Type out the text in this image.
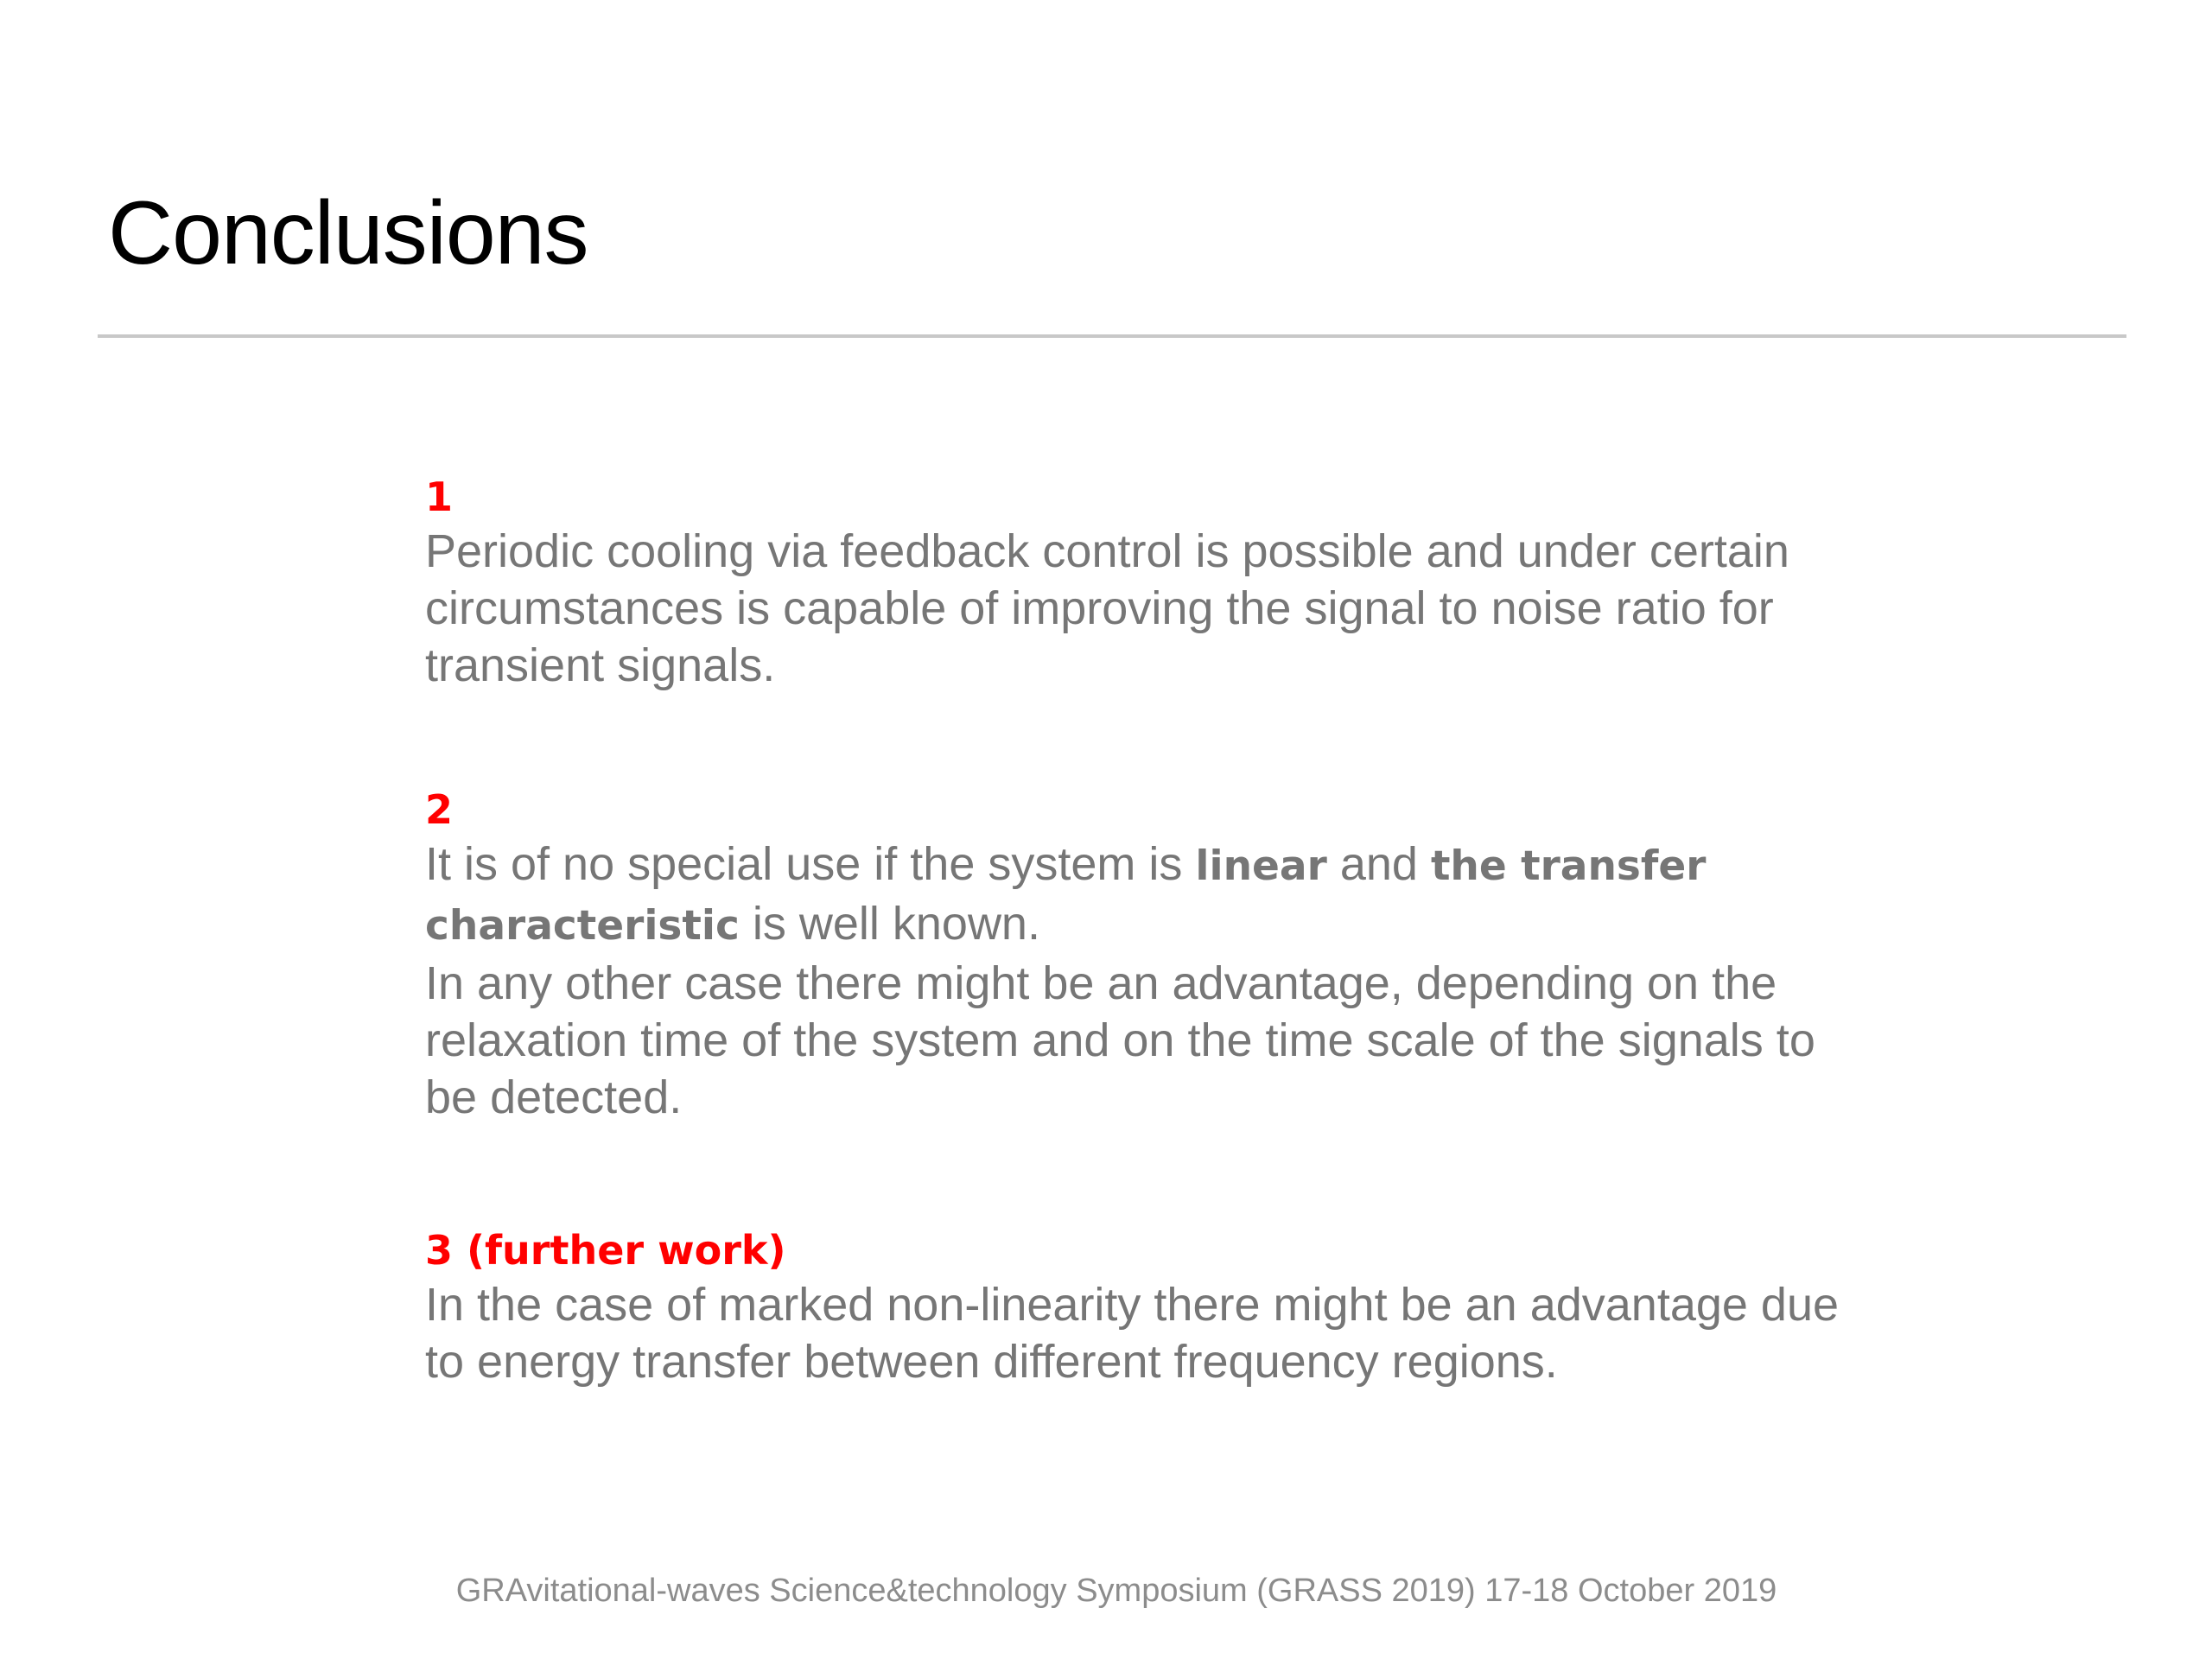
Conclusions
1

Periodic cooling via feedback control is possible and under certain circumstances is capable of improving the signal to noise ratio for transient signals.

2

It is of no special use if the system is linear and the transfer characteristic is well known.

In any other case there might be an advantage, depending on the relaxation time of the system and on the time scale of the signals to be detected.

3 (further work)

In the case of marked non-linearity there might be an advantage due to energy transfer between different frequency regions.

GRAvitational-waves Science&technology Symposium (GRASS 2019) 17-18 October 2019
